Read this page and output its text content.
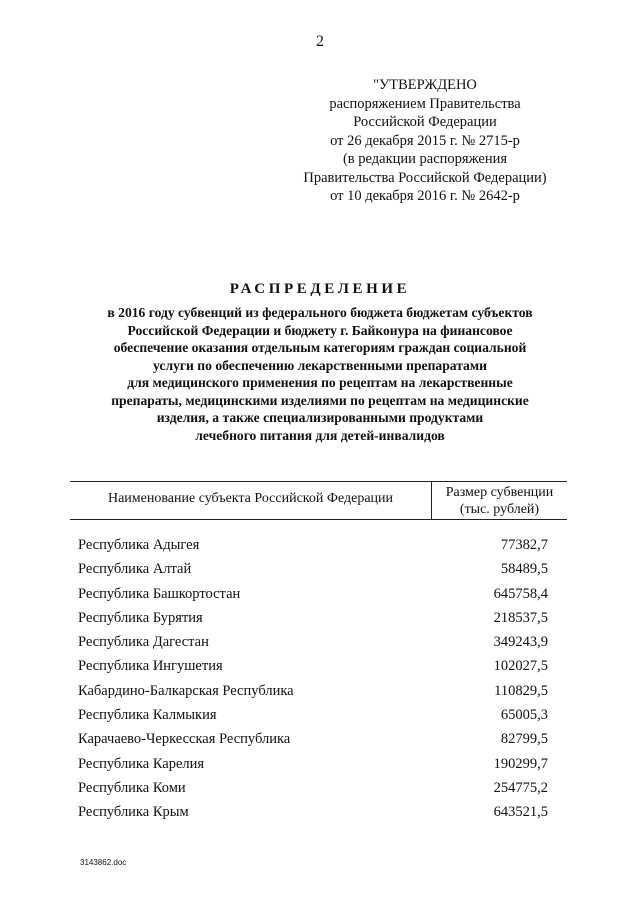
2
"УТВЕРЖДЕНО
распоряжением Правительства
Российской Федерации
от 26 декабря 2015 г. № 2715-р
(в редакции распоряжения
Правительства Российской Федерации)
от 10 декабря 2016 г. № 2642-р
РАСПРЕДЕЛЕНИЕ
в 2016 году субвенций из федерального бюджета бюджетам субъектов
Российской Федерации и бюджету г. Байконура на финансовое
обеспечение оказания отдельным категориям граждан социальной
услуги по обеспечению лекарственными препаратами
для медицинского применения по рецептам на лекарственные
препараты, медицинскими изделиями по рецептам на медицинские
изделия, а также специализированными продуктами
лечебного питания для детей-инвалидов
Наименование субъекта Российской Федерации	Размер субвенции
(тыс. рублей)
Республика Адыгея	77382,7
Республика Алтай	58489,5
Республика Башкортостан	645758,4
Республика Бурятия	218537,5
Республика Дагестан	349243,9
Республика Ингушетия	102027,5
Кабардино-Балкарская Республика	110829,5
Республика Калмыкия	65005,3
Карачаево-Черкесская Республика	82799,5
Республика Карелия	190299,7
Республика Коми	254775,2
Республика Крым	643521,5
3143862.doc
